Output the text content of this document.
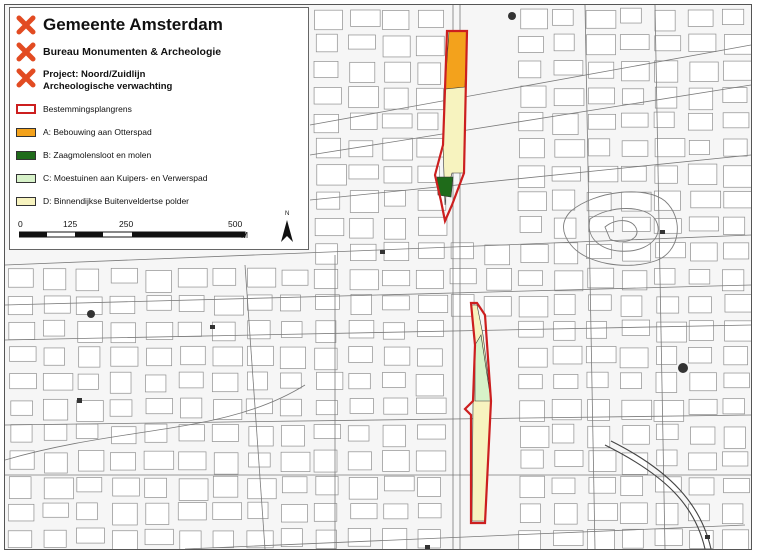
Gemeente Amsterdam
Bureau Monumenten & Archeologie
Project: Noord/Zuidlijn
Archeologische verwachting
Bestemmingsplangrens
A: Bebouwing aan Otterspad
B: Zaagmolensloot en molen
C: Moestuinen aan Kuipers- en Verwerspad
D: Binnendijkse Buitenveldertse polder
0	125	250	500
M
N
